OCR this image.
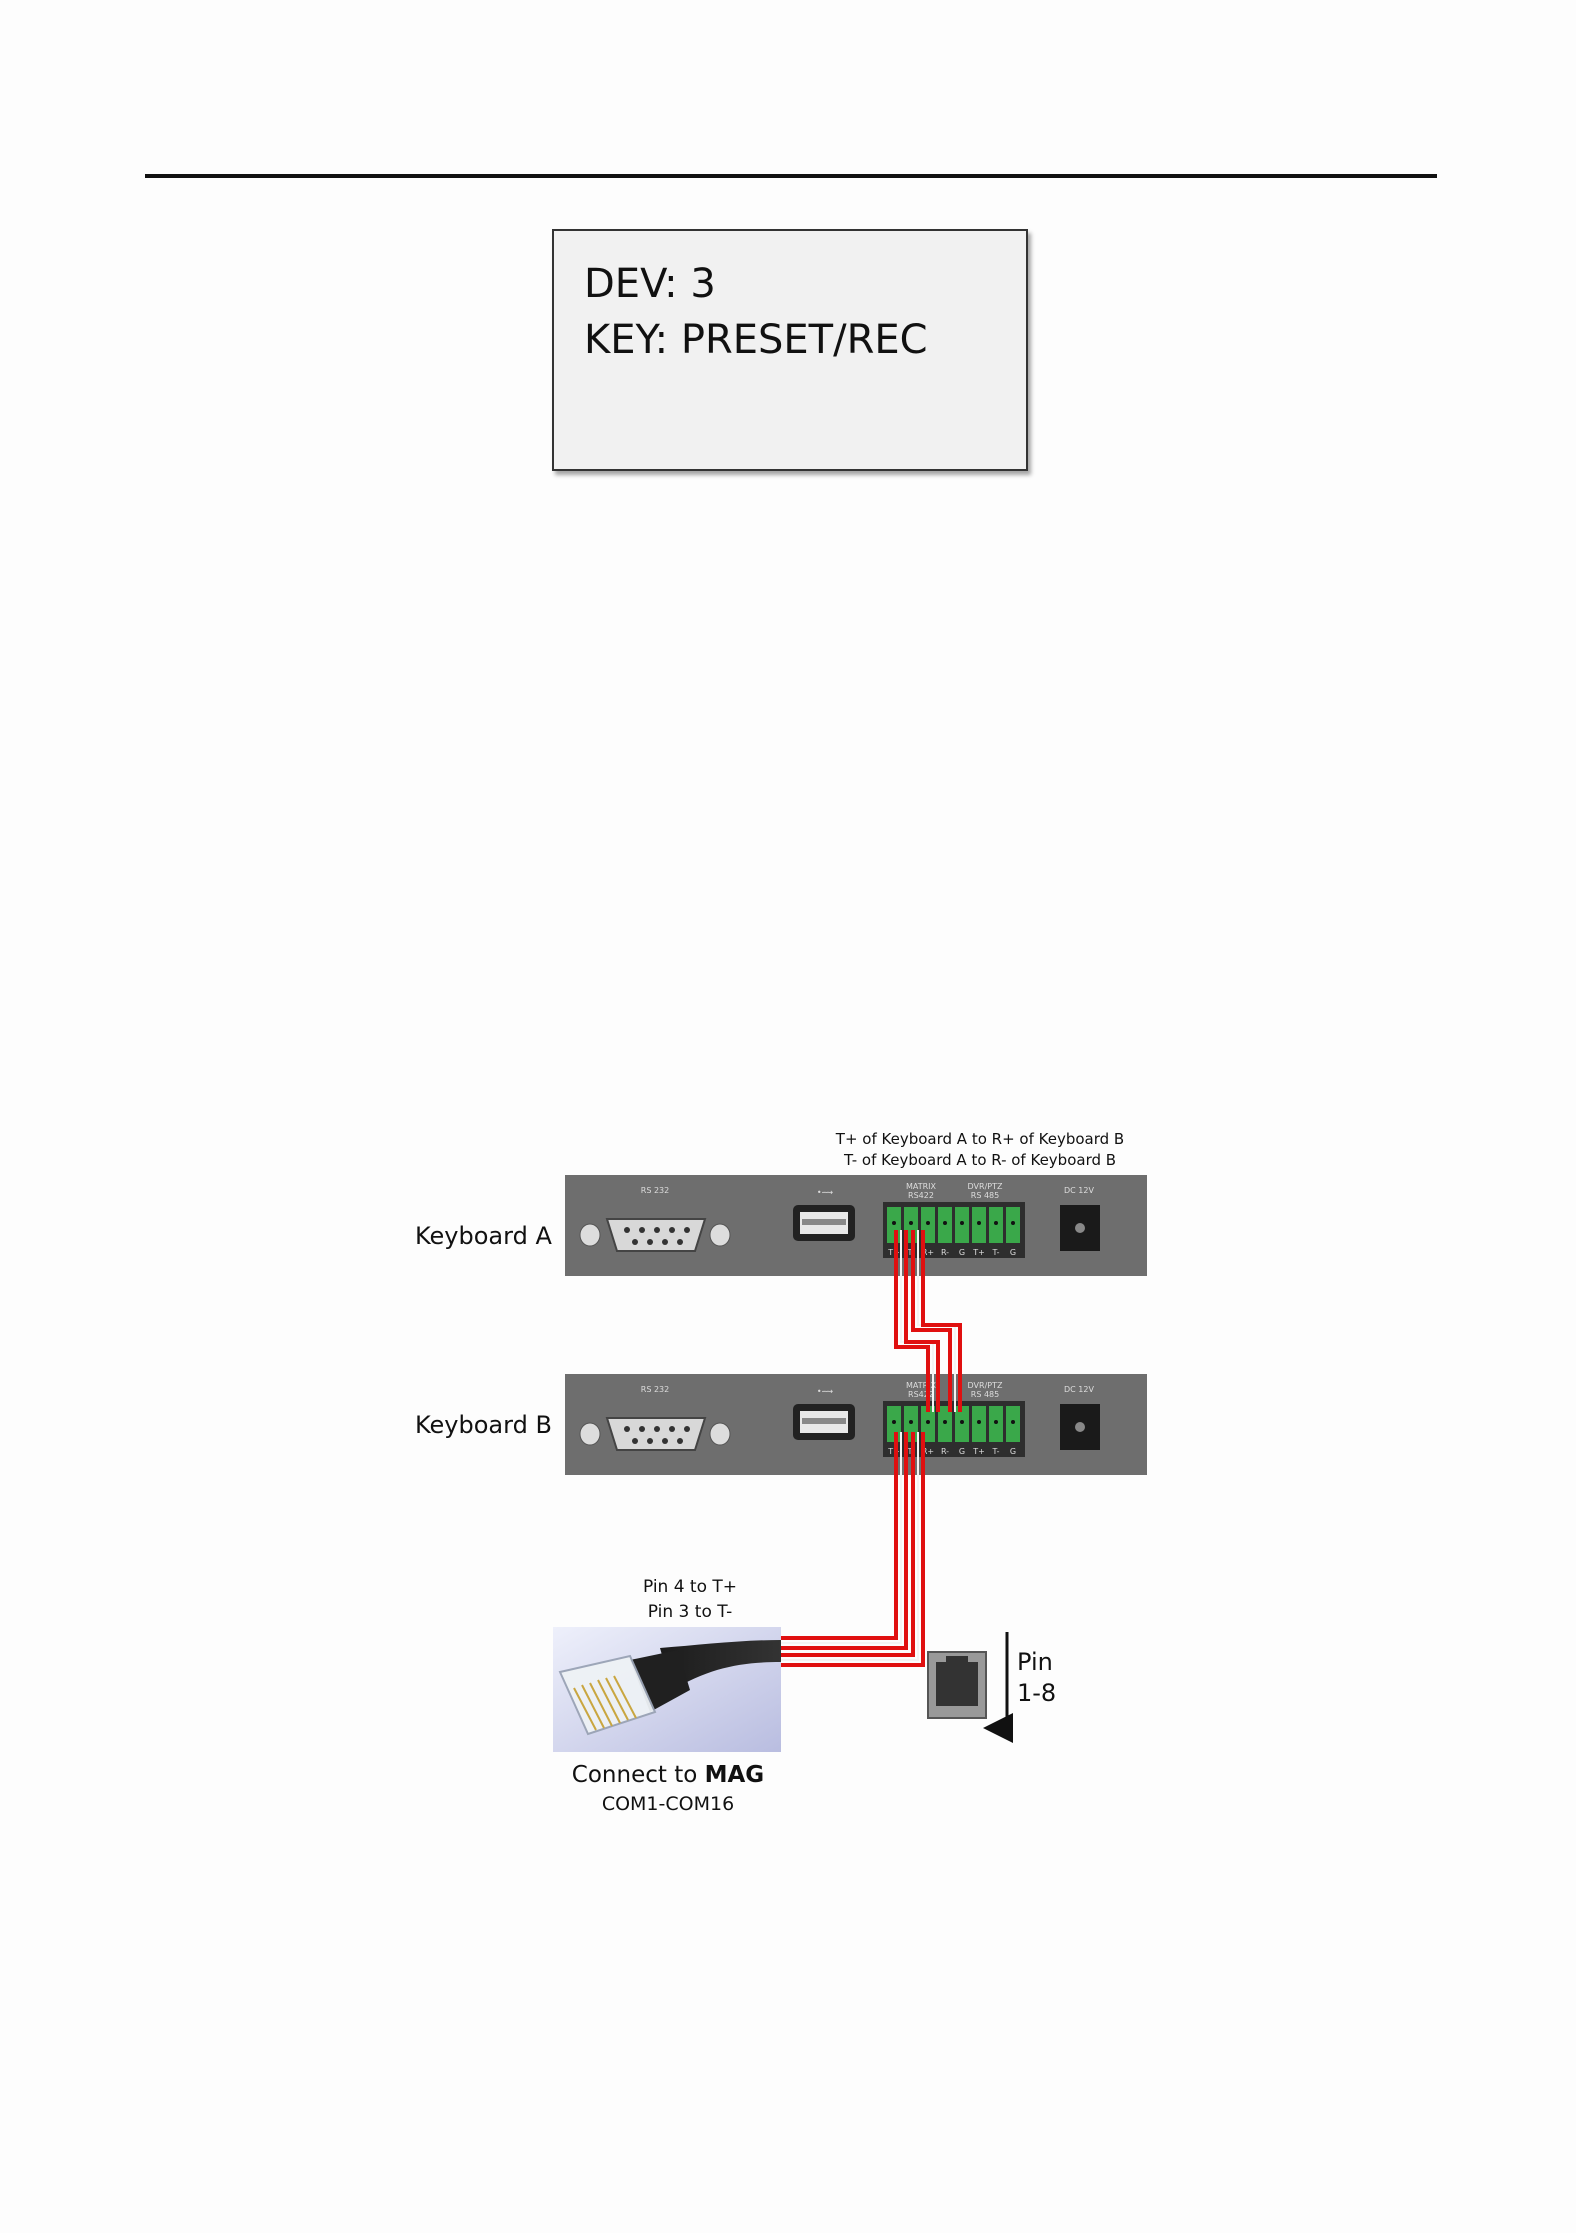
DEV: 3
KEY: PRESET/REC
T+ of Keyboard A to R+ of Keyboard B
T- of Keyboard A to R- of Keyboard B
Keyboard A
RS 232	•⟿
MATRIX
RS422
DVR/PTZ
RS 485
T+ T- R+ R- G T+ T- G
DC 12V
Keyboard B
RS 232	•⟿
MATRIX
RS422
DVR/PTZ
RS 485
T+ T- R+ R- G T+ T- G
DC 12V
Pin 4 to T+
Pin 3 to T-
Connect to MAG
COM1-COM16
Pin
1-8
